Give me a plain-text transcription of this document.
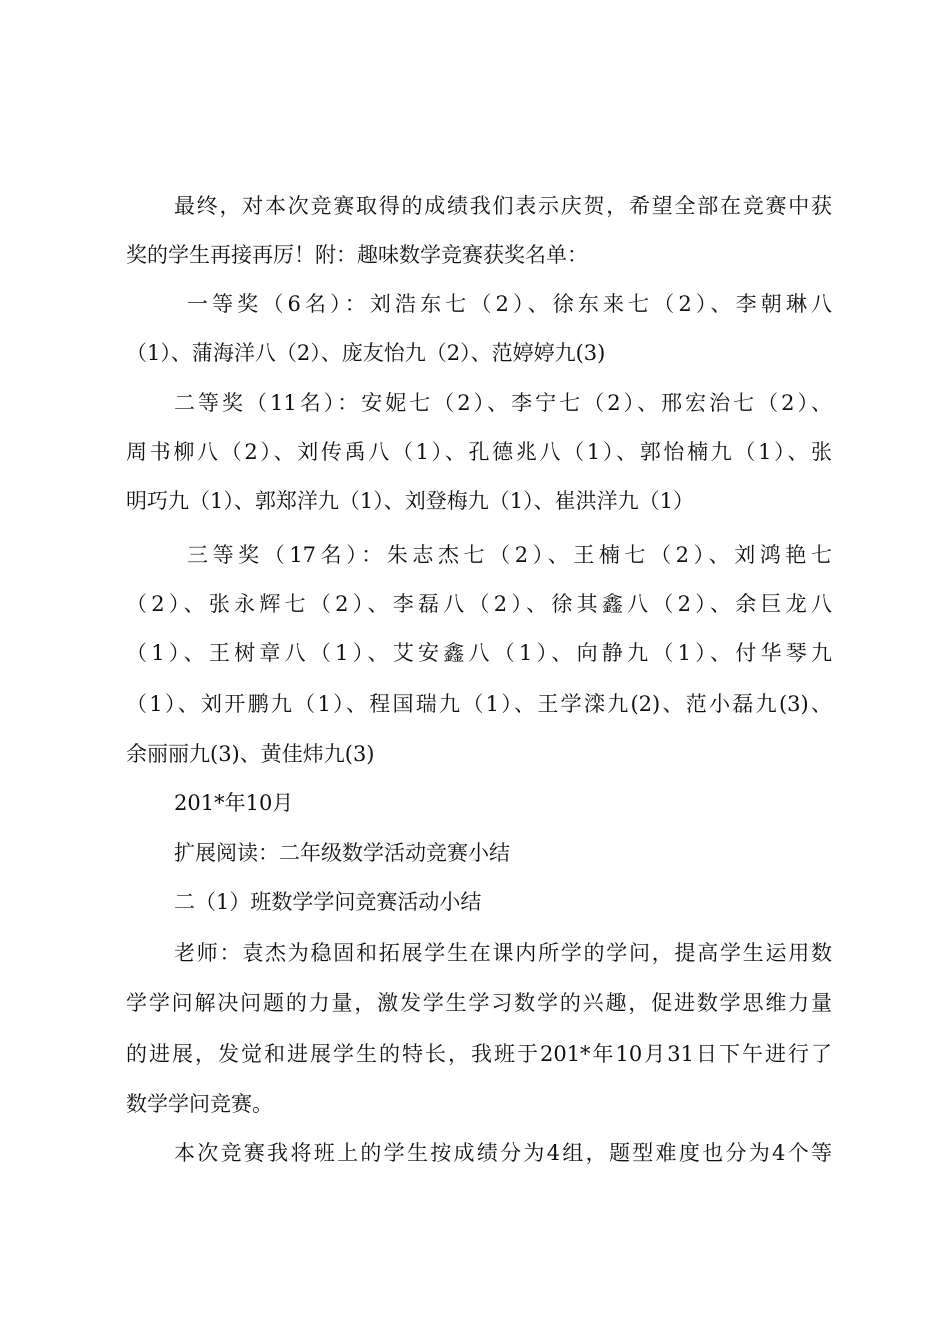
最终，对本次竞赛取得的成绩我们表示庆贺，希望全部在竞赛中获
奖的学生再接再厉！附：趣味数学竞赛获奖名单：
一等奖（6名）：刘浩东七（2）、徐东来七（2）、李朝琳八
（1）、蒲海洋八（2）、庞友怡九（2）、范婷婷九(3)
二等奖（11名）：安妮七（2）、李宁七（2）、邢宏治七（2）、
周书柳八（2）、刘传禹八（1）、孔德兆八（1）、郭怡楠九（1）、张
明巧九（1）、郭郑洋九（1）、刘登梅九（1）、崔洪洋九（1）
三等奖（17名）：朱志杰七（2）、王楠七（2）、刘鸿艳七
（2）、张永辉七（2）、李磊八（2）、徐其鑫八（2）、余巨龙八
（1）、王树章八（1）、艾安鑫八（1）、向静九（1）、付华琴九
（1）、刘开鹏九（1）、程国瑞九（1）、王学滦九(2)、范小磊九(3)、
余丽丽九(3)、黄佳炜九(3)
201*年10月
扩展阅读：二年级数学活动竞赛小结
二（1）班数学学问竞赛活动小结
老师：袁杰为稳固和拓展学生在课内所学的学问，提高学生运用数
学学问解决问题的力量，激发学生学习数学的兴趣，促进数学思维力量
的进展，发觉和进展学生的特长，我班于201*年10月31日下午进行了
数学学问竞赛。
本次竞赛我将班上的学生按成绩分为4组，题型难度也分为4个等
